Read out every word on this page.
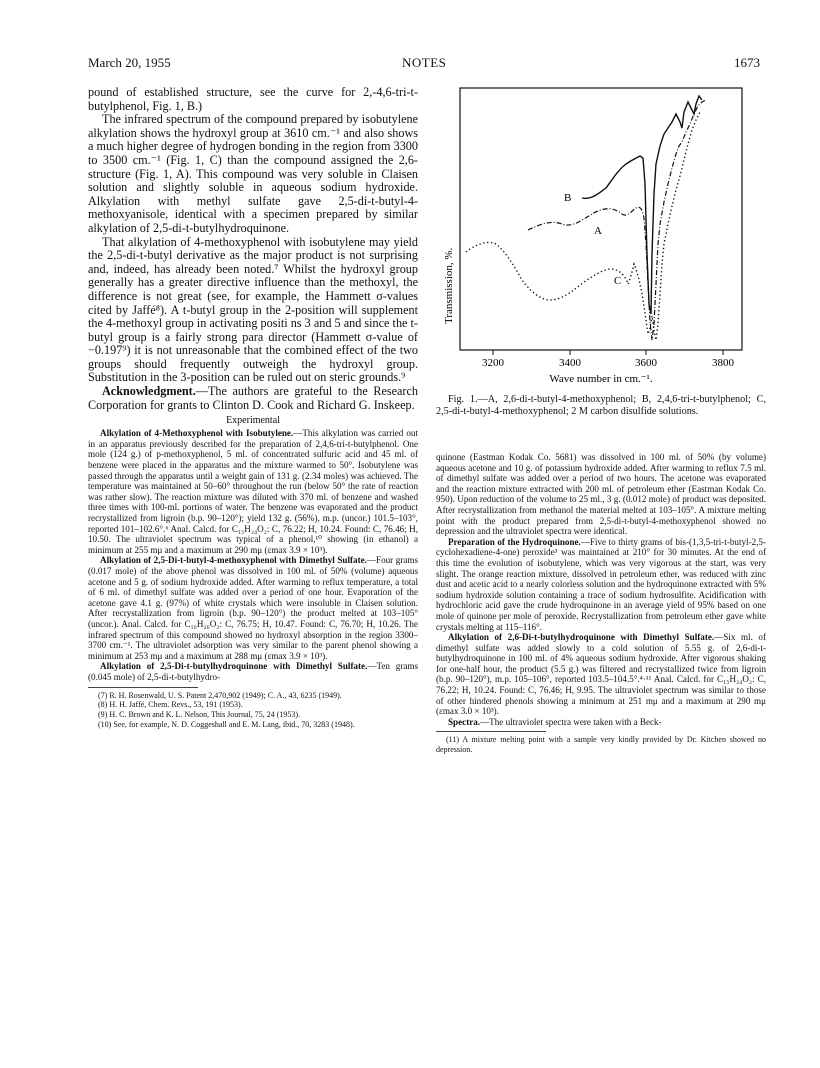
March 20, 1955	NOTES	1673

pound of established structure, see the curve for 2,-4,6-tri-t-butylphenol, Fig. 1, B.)

The infrared spectrum of the compound prepared by isobutylene alkylation shows the hydroxyl group at 3610 cm.⁻¹ and also shows a much higher degree of hydrogen bonding in the region from 3300 to 3500 cm.⁻¹ (Fig. 1, C) than the compound assigned the 2,6-structure (Fig. 1, A). This compound was very soluble in Claisen solution and slightly soluble in aqueous sodium hydroxide. Alkylation with methyl sulfate gave 2,5-di-t-butyl-4-methoxyanisole, identical with a specimen prepared by similar alkylation of 2,5-di-t-butylhydroquinone.

That alkylation of 4-methoxyphenol with isobutylene may yield the 2,5-di-t-butyl derivative as the major product is not surprising and, indeed, has already been noted.⁷ Whilst the hydroxyl group generally has a greater directive influence than the methoxyl, the difference is not great (see, for example, the Hammett σ-values cited by Jaffé⁸). A t-butyl group in the 2-position will supplement the 4-methoxyl group in activating positi ns 3 and 5 and since the t-butyl group is a fairly strong para director (Hammett σ-value of −0.197⁹) it is not unreasonable that the combined effect of the two groups should frequently outweigh the hydroxyl group. Substitution in the 3-position can be ruled out on steric grounds.⁹

Acknowledgment.—The authors are grateful to the Research Corporation for grants to Clinton D. Cook and Richard G. Inskeep.

Experimental

Alkylation of 4-Methoxyphenol with Isobutylene.—This alkylation was carried out in an apparatus previously described for the preparation of 2,4,6-tri-t-butylphenol. One mole (124 g.) of p-methoxyphenol, 5 ml. of concentrated sulfuric acid and 45 ml. of benzene were placed in the apparatus and the mixture warmed to 50°. Isobutylene was passed through the apparatus until a weight gain of 131 g. (2.34 moles) was achieved. The temperature was maintained at 50–60° throughout the run (below 50° the rate of reaction was rather slow). The reaction mixture was diluted with 370 ml. of benzene and washed three times with 100-ml. portions of water. The benzene was evaporated and the product recrystallized from ligroin (b.p. 90–120°); yield 132 g. (56%), m.p. (uncor.) 101.5–103°, reported 101–102.6°.⁶ Anal. Calcd. for C₁₅H₂₄O₂: C, 76.22; H, 10.24. Found: C, 76.46; H, 10.50. The ultraviolet spectrum was typical of a phenol,¹⁰ showing (in ethanol) a minimum at 255 mμ and a maximum at 290 mμ (εmax 3.9 × 10³).

Alkylation of 2,5-Di-t-butyl-4-methoxyphenol with Dimethyl Sulfate.—Four grams (0.017 mole) of the above phenol was dissolved in 100 ml. of 50% (volume) aqueous acetone and 5 g. of sodium hydroxide added. After warming to reflux temperature, a total of 6 ml. of dimethyl sulfate was added over a period of one hour. Evaporation of the acetone gave 4.1 g. (97%) of white crystals which were insoluble in Claisen solution. After recrystallization from ligroin (b.p. 90–120°) the product melted at 103–105° (uncor.). Anal. Calcd. for C₁₆H₂₆O₂: C, 76.75; H, 10.47. Found: C, 76.70; H, 10.26. The infrared spectrum of this compound showed no hydroxyl absorption in the region 3300–3700 cm.⁻¹. The ultraviolet adsorption was very similar to the parent phenol showing a minimum at 253 mμ and a maximum at 288 mμ (εmax 3.9 × 10³).

Alkylation of 2,5-Di-t-butylhydroquinone with Dimethyl Sulfate.—Ten grams (0.045 mole) of 2,5-di-t-butylhydro-

(7) R. H. Rosenwald, U. S. Patent 2,470,902 (1949); C. A., 43, 6235 (1949).

(8) H. H. Jaffé, Chem. Revs., 53, 191 (1953).

(9) H. C. Brown and K. L. Nelson, This Journal, 75, 24 (1953).

(10) See, for example, N. D. Coggeshall and E. M. Lang, ibid., 70, 3283 (1948).

B
A
C
Transmission, %.
3200	3400	3600	3800
Wave number in cm.⁻¹.

Fig. 1.—A, 2,6-di-t-butyl-4-methoxyphenol; B, 2,4,6-tri-t-butylphenol; C, 2,5-di-t-butyl-4-methoxyphenol; 2 M carbon disulfide solutions.

quinone (Eastman Kodak Co. 5681) was dissolved in 100 ml. of 50% (by volume) aqueous acetone and 10 g. of potassium hydroxide added. After warming to reflux 7.5 ml. of dimethyl sulfate was added over a period of two hours. The acetone was evaporated and the reaction mixture extracted with 200 ml. of petroleum ether (Eastman Kodak Co. 950). Upon reduction of the volume to 25 ml., 3 g. (0.012 mole) of product was deposited. After recrystallization from methanol the material melted at 103–105°. A mixture melting point with the product prepared from 2,5-di-t-butyl-4-methoxyphenol showed no depression and the ultraviolet spectra were identical.

Preparation of the Hydroquinone.—Five to thirty grams of bis-(1,3,5-tri-t-butyl-2,5-cyclohexadiene-4-one) peroxide³ was maintained at 210° for 30 minutes. At the end of this time the evolution of isobutylene, which was very vigorous at the start, was very slight. The orange reaction mixture, dissolved in petroleum ether, was reduced with zinc dust and acetic acid to a nearly colorless solution and the hydroquinone extracted with 5% sodium hydroxide solution containing a trace of sodium hydrosulfite. Acidification with hydrochloric acid gave the crude hydroquinone in an average yield of 95% based on one mole of quinone per mole of peroxide. Recrystallization from petroleum ether gave white crystals melting at 115–116°.

Alkylation of 2,6-Di-t-butylhydroquinone with Dimethyl Sulfate.—Six ml. of dimethyl sulfate was added slowly to a cold solution of 5.55 g. of 2,6-di-t-butylhydroquinone in 100 ml. of 4% aqueous sodium hydroxide. After vigorous shaking for one-half hour, the product (5.5 g.) was filtered and recrystallized twice from ligroin (b.p. 90–120°), m.p. 105–106°, reported 103.5–104.5°.⁴·¹¹ Anal. Calcd. for C₁₅H₂₄O₂: C, 76.22; H, 10.24. Found: C, 76.46; H, 9.95. The ultraviolet spectrum was similar to those of other hindered phenols showing a minimum at 251 mμ and a maximum at 290 mμ (εmax 3.0 × 10³).

Spectra.—The ultraviolet spectra were taken with a Beck-

(11) A mixture melting point with a sample very kindly provided by Dr. Kitchen showed no depression.
